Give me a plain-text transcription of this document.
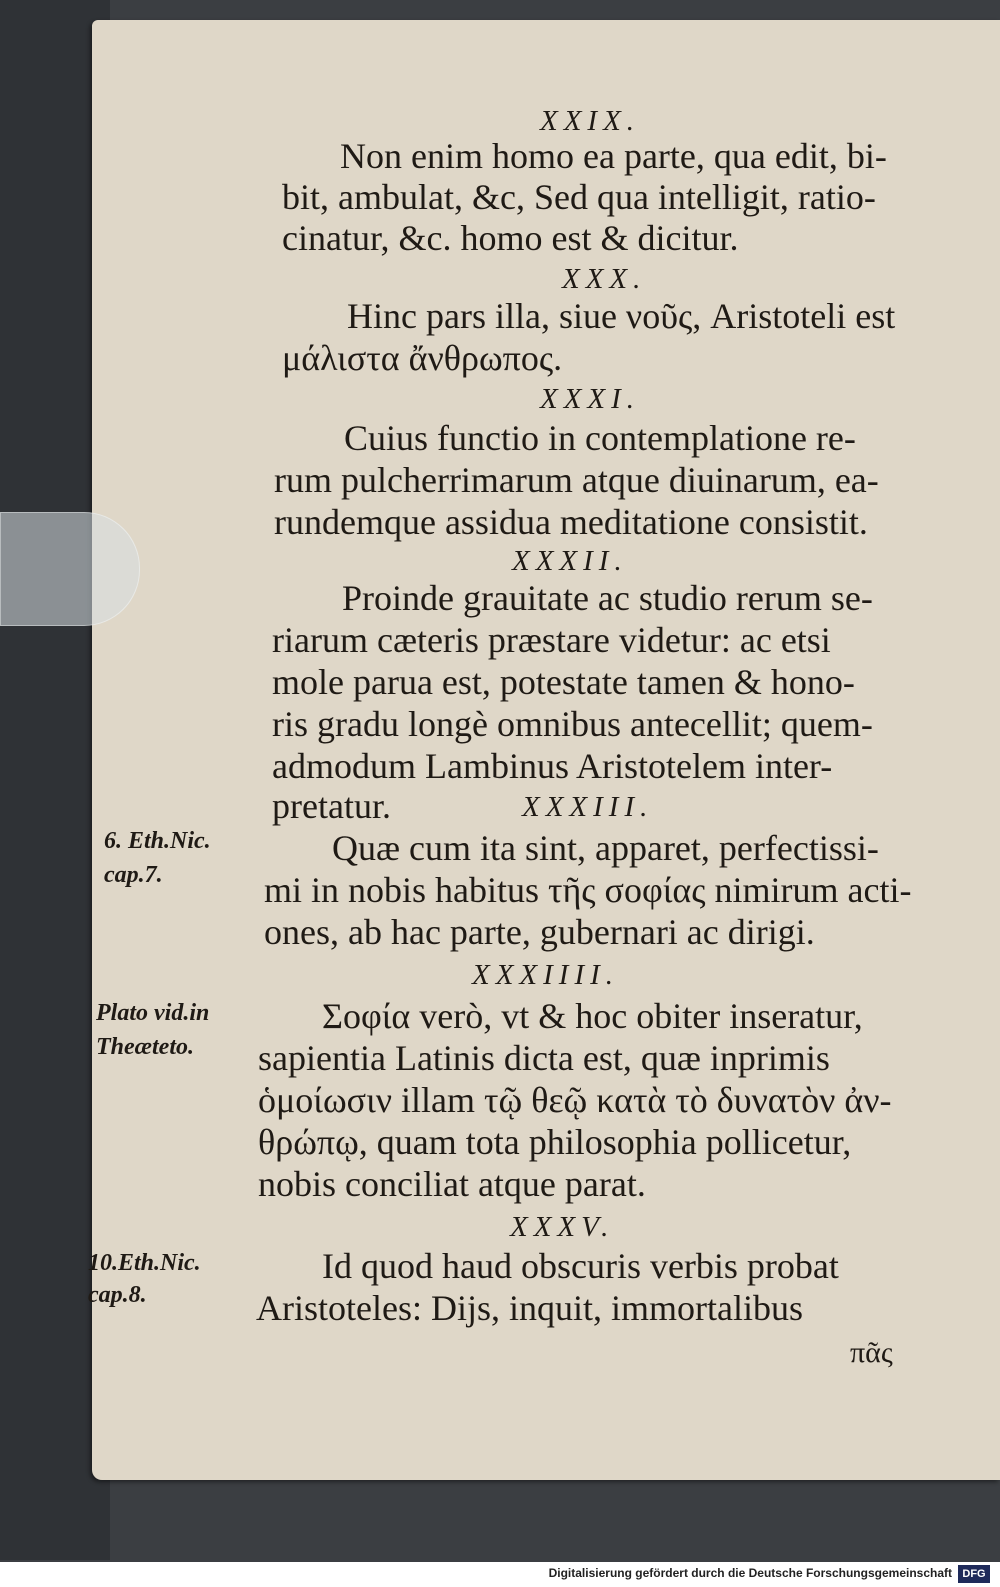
XXIX.
Non enim homo ea parte, qua edit, bi-
bit, ambulat, &c, Sed qua intelligit, ratio-
cinatur, &c. homo est & dicitur.
XXX.
Hinc pars illa, siue νοῦς, Aristoteli est
μάλιστα ἄνθρωπος.
XXXI.
Cuius functio in contemplatione re-
rum pulcherrimarum atque diuinarum, ea-
rundemque assidua meditatione consistit.
XXXII.
Proinde grauitate ac studio rerum se-
riarum cæteris præstare videtur: ac etsi
mole parua est, potestate tamen & hono-
ris gradu longè omnibus antecellit; quem-
admodum Lambinus Aristotelem inter-
pretatur.	XXXIII.
6. Eth.Nic.
cap.7.
Quæ cum ita sint, apparet, perfectissi-
mi in nobis habitus τῆς σοφίας nimirum acti-
ones, ab hac parte, gubernari ac dirigi.
XXXIIII.
Plato vid.in
Theæteto.
Σοφία verò, vt & hoc obiter inseratur,
sapientia Latinis dicta est, quæ inprimis
ὁμοίωσιν illam τῷ θεῷ κατὰ τὸ δυνατὸν ἀν-
θρώπῳ, quam tota philosophia pollicetur,
nobis conciliat atque parat.
XXXV.
10.Eth.Nic.
cap.8.
Id quod haud obscuris verbis probat
Aristoteles: Dijs, inquit, immortalibus
πᾶς
Digitalisierung gefördert durch die Deutsche Forschungsgemeinschaft DFG
